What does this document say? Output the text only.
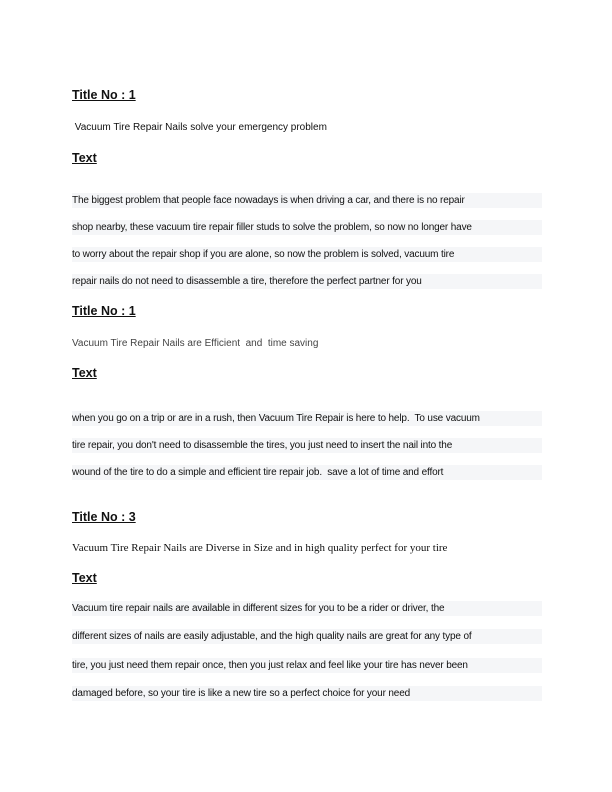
Title No : 1
Vacuum Tire Repair Nails solve your emergency problem
Text
The biggest problem that people face nowadays is when driving a car, and there is no repair
shop nearby, these vacuum tire repair filler studs to solve the problem, so now no longer have
to worry about the repair shop if you are alone, so now the problem is solved, vacuum tire
repair nails do not need to disassemble a tire, therefore the perfect partner for you
Title No : 1
Vacuum Tire Repair Nails are Efficient  and  time saving
Text
when you go on a trip or are in a rush, then Vacuum Tire Repair is here to help.  To use vacuum
tire repair, you don't need to disassemble the tires, you just need to insert the nail into the
wound of the tire to do a simple and efficient tire repair job.  save a lot of time and effort
Title No : 3
Vacuum Tire Repair Nails are Diverse in Size and in high quality perfect for your tire
Text
Vacuum tire repair nails are available in different sizes for you to be a rider or driver, the
different sizes of nails are easily adjustable, and the high quality nails are great for any type of
tire, you just need them repair once, then you just relax and feel like your tire has never been
damaged before, so your tire is like a new tire so a perfect choice for your need
